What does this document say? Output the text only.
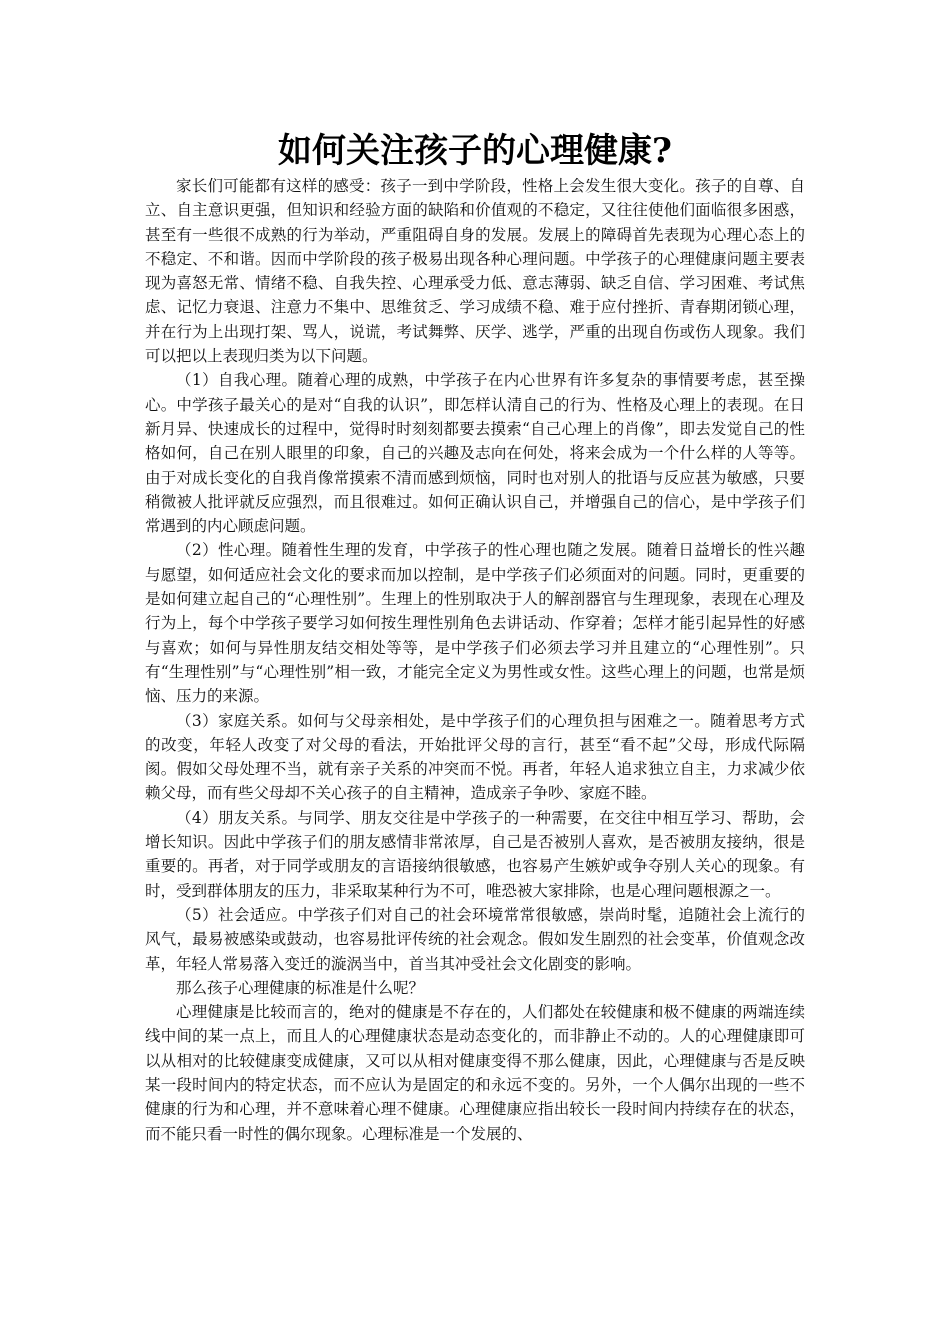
如何关注孩子的心理健康?

家长们可能都有这样的感受：孩子一到中学阶段，性格上会发生很大变化。孩子的自尊、自立、自主意识更强，但知识和经验方面的缺陷和价值观的不稳定，又往往使他们面临很多困惑，甚至有一些很不成熟的行为举动，严重阻碍自身的发展。发展上的障碍首先表现为心理心态上的不稳定、不和谐。因而中学阶段的孩子极易出现各种心理问题。中学孩子的心理健康问题主要表现为喜怒无常、情绪不稳、自我失控、心理承受力低、意志薄弱、缺乏自信、学习困难、考试焦虑、记忆力衰退、注意力不集中、思维贫乏、学习成绩不稳、难于应付挫折、青春期闭锁心理，并在行为上出现打架、骂人，说谎，考试舞弊、厌学、逃学，严重的出现自伤或伤人现象。我们可以把以上表现归类为以下问题。

（1）自我心理。随着心理的成熟，中学孩子在内心世界有许多复杂的事情要考虑，甚至操心。中学孩子最关心的是对“自我的认识”，即怎样认清自己的行为、性格及心理上的表现。在日新月异、快速成长的过程中，觉得时时刻刻都要去摸索“自己心理上的肖像”，即去发觉自己的性格如何，自己在别人眼里的印象，自己的兴趣及志向在何处，将来会成为一个什么样的人等等。由于对成长变化的自我肖像常摸索不清而感到烦恼，同时也对别人的批语与反应甚为敏感，只要稍微被人批评就反应强烈，而且很难过。如何正确认识自己，并增强自己的信心，是中学孩子们常遇到的内心顾虑问题。

（2）性心理。随着性生理的发育，中学孩子的性心理也随之发展。随着日益增长的性兴趣与愿望，如何适应社会文化的要求而加以控制，是中学孩子们必须面对的问题。同时，更重要的是如何建立起自己的“心理性别”。生理上的性别取决于人的解剖器官与生理现象，表现在心理及行为上，每个中学孩子要学习如何按生理性别角色去讲话动、作穿着；怎样才能引起异性的好感与喜欢；如何与异性朋友结交相处等等，是中学孩子们必须去学习并且建立的“心理性别”。只有“生理性别”与“心理性别”相一致，才能完全定义为男性或女性。这些心理上的问题，也常是烦恼、压力的来源。

（3）家庭关系。如何与父母亲相处，是中学孩子们的心理负担与困难之一。随着思考方式的改变，年轻人改变了对父母的看法，开始批评父母的言行，甚至“看不起”父母，形成代际隔阂。假如父母处理不当，就有亲子关系的冲突而不悦。再者，年轻人追求独立自主，力求减少依赖父母，而有些父母却不关心孩子的自主精神，造成亲子争吵、家庭不睦。

（4）朋友关系。与同学、朋友交往是中学孩子的一种需要，在交往中相互学习、帮助，会增长知识。因此中学孩子们的朋友感情非常浓厚，自己是否被别人喜欢，是否被朋友接纳，很是重要的。再者，对于同学或朋友的言语接纳很敏感，也容易产生嫉妒或争夺别人关心的现象。有时，受到群体朋友的压力，非采取某种行为不可，唯恐被大家排除，也是心理问题根源之一。

（5）社会适应。中学孩子们对自己的社会环境常常很敏感，崇尚时髦，追随社会上流行的风气，最易被感染或鼓动，也容易批评传统的社会观念。假如发生剧烈的社会变革，价值观念改革，年轻人常易落入变迁的漩涡当中，首当其冲受社会文化剧变的影响。

那么孩子心理健康的标准是什么呢？

心理健康是比较而言的，绝对的健康是不存在的，人们都处在较健康和极不健康的两端连续线中间的某一点上，而且人的心理健康状态是动态变化的，而非静止不动的。人的心理健康即可以从相对的比较健康变成健康，又可以从相对健康变得不那么健康，因此，心理健康与否是反映某一段时间内的特定状态，而不应认为是固定的和永远不变的。另外，一个人偶尔出现的一些不健康的行为和心理，并不意味着心理不健康。心理健康应指出较长一段时间内持续存在的状态，而不能只看一时性的偶尔现象。心理标准是一个发展的、
